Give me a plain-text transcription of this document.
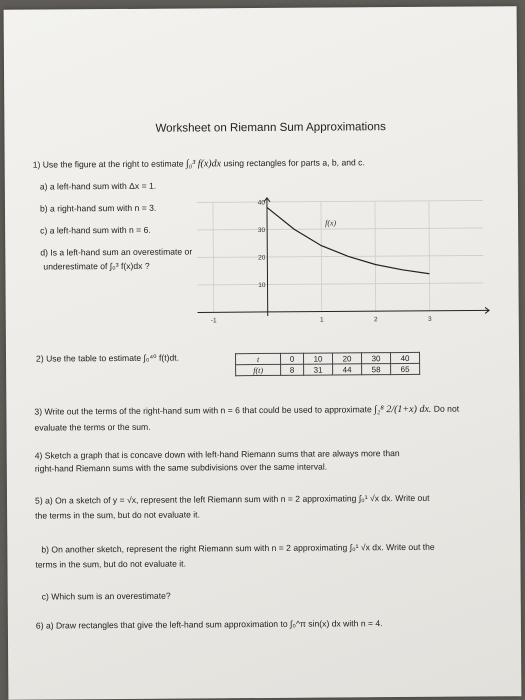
Worksheet on Riemann Sum Approximations
1) Use the figure at the right to estimate ∫₀³ f(x)dx using rectangles for parts a, b, and c.
a) a left-hand sum with Δx = 1.
b) a right-hand sum with n = 3.
c) a left-hand sum with n = 6.
d) Is a left-hand sum an overestimate or
underestimate of ∫₀³ f(x)dx ?
-1	1	2	3
10
20
30
40
f(x)
2) Use the table to estimate ∫₀⁴⁰ f(t)dt.	t	0	10	20	30	40
f(t)	8	31	44	58	65
3) Write out the terms of the right-hand sum with n = 6 that could be used to approximate ∫₂⁸ 2/(1+x) dx. Do not
evaluate the terms or the sum.
4) Sketch a graph that is concave down with left-hand Riemann sums that are always more than
right-hand Riemann sums with the same subdivisions over the same interval.
5) a) On a sketch of y = √x, represent the left Riemann sum with n = 2 approximating ∫₀¹ √x dx. Write out
the terms in the sum, but do not evaluate it.
b) On another sketch, represent the right Riemann sum with n = 2 approximating ∫₀¹ √x dx. Write out the
terms in the sum, but do not evaluate it.
c) Which sum is an overestimate?
6) a) Draw rectangles that give the left-hand sum approximation to ∫₀^π sin(x) dx with n = 4.
